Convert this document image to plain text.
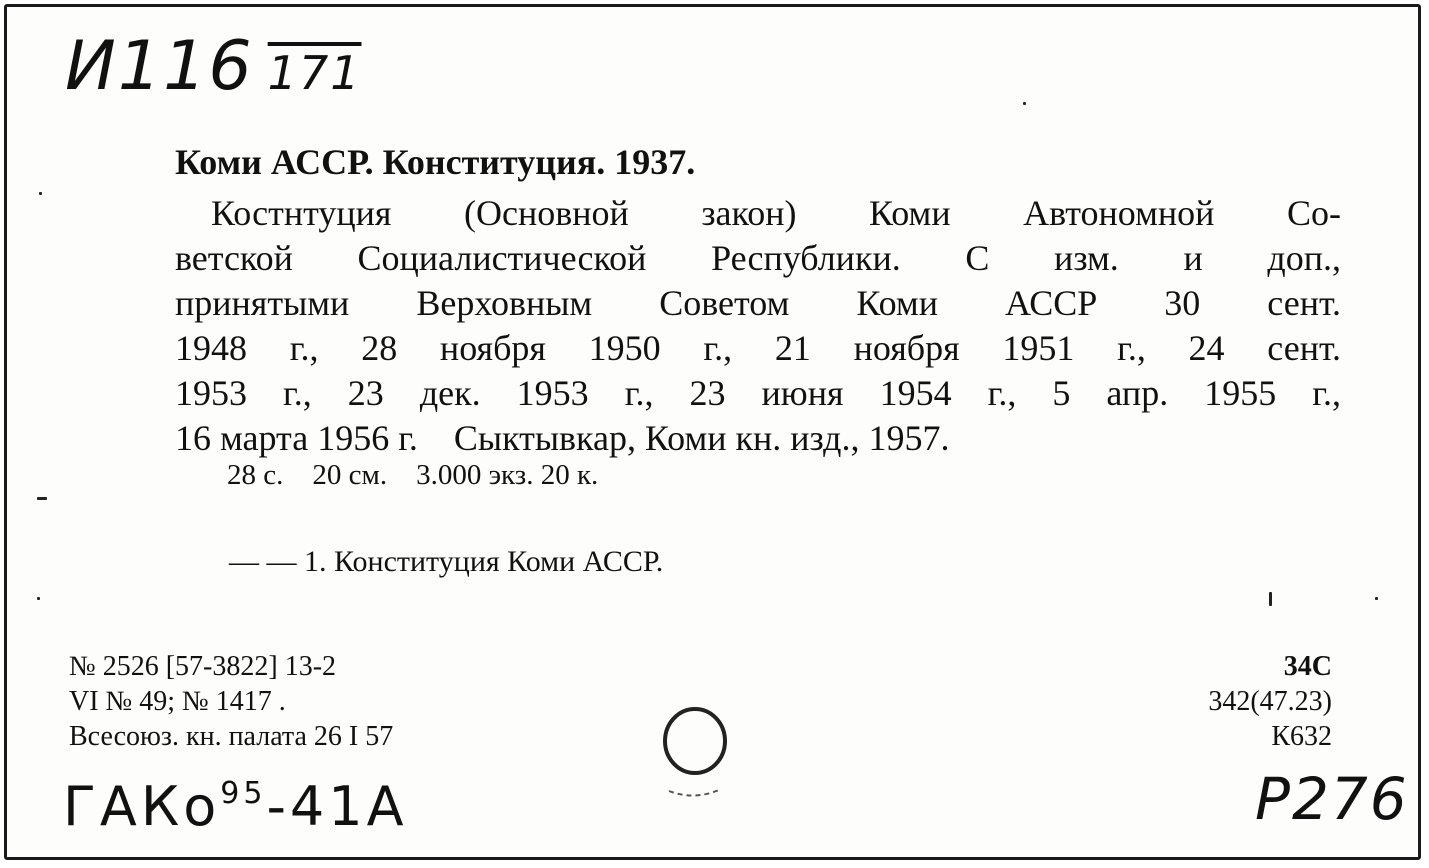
И116 171
Коми АССР. Конституция. 1937.
Костнтуция (Основной закон) Коми Автономной Со-
ветской Социалистической Республики. С изм. и доп.,
принятыми Верховным Советом Коми АССР 30 сент.
1948 г., 28 ноября 1950 г., 21 ноября 1951 г., 24 сент.
1953 г., 23 дек. 1953 г., 23 июня 1954 г., 5 апр. 1955 г.,
16 марта 1956 г.    Сыктывкар, Коми кн. изд., 1957.
28 с.    20 см.    3.000 экз. 20 к.
— — 1. Конституция Коми АССР.
№ 2526 [57-3822] 13-2
VI № 49; № 1417 .
Всесоюз. кн. палата 26 I 57
34С
342(47.23)
К632
ГАКо$^{95}$-41А	Р276
